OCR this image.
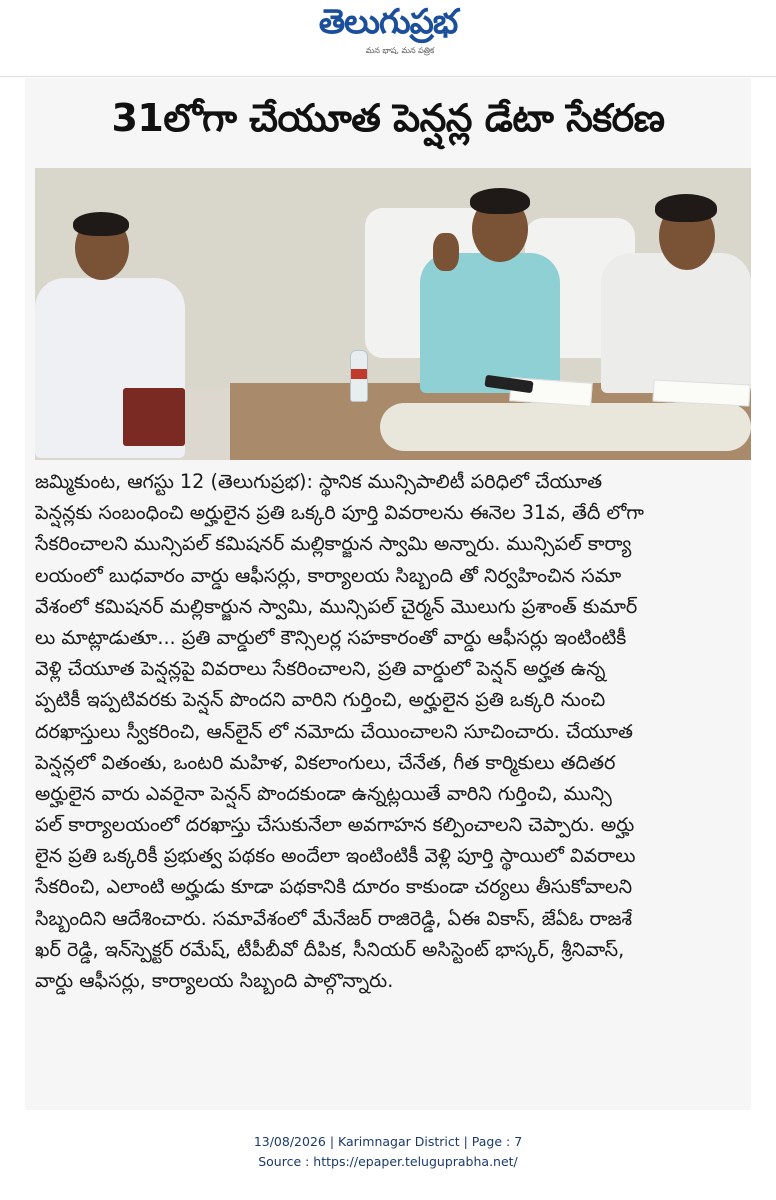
తెలుగుప్రభ
మన భాష, మన పత్రిక
31లోగా చేయూత పెన్షన్ల డేటా సేకరణ
జమ్మికుంట, ఆగస్టు 12 (తెలుగుప్రభ): స్థానిక మున్సిపాలిటీ పరిధిలో చేయూత
పెన్షన్లకు సంబంధించి అర్హులైన ప్రతి ఒక్కరి పూర్తి వివరాలను ఈనెల 31వ, తేదీ లోగా
సేకరించాలని మున్సిపల్ కమిషనర్ మల్లికార్జున స్వామి అన్నారు. మున్సిపల్ కార్యా
లయంలో బుధవారం వార్డు ఆఫీసర్లు, కార్యాలయ సిబ్బంది తో నిర్వహించిన సమా
వేశంలో కమిషనర్ మల్లికార్జున స్వామి, మున్సిపల్ చైర్మన్ మొలుగు ప్రశాంత్ కుమార్
లు మాట్లాడుతూ... ప్రతి వార్డులో కౌన్సిలర్ల సహకారంతో వార్డు ఆఫీసర్లు ఇంటింటికీ
వెళ్లి చేయూత పెన్షన్లపై వివరాలు సేకరించాలని, ప్రతి వార్డులో పెన్షన్ అర్హత ఉన్న
ప్పటికీ ఇప్పటివరకు పెన్షన్ పొందని వారిని గుర్తించి, అర్హులైన ప్రతి ఒక్కరి నుంచి
దరఖాస్తులు స్వీకరించి, ఆన్‌లైన్ లో నమోదు చేయించాలని సూచించారు. చేయూత
పెన్షన్లలో వితంతు, ఒంటరి మహిళ, వికలాంగులు, చేనేత, గీత కార్మికులు తదితర
అర్హులైన వారు ఎవరైనా పెన్షన్ పొందకుండా ఉన్నట్లయితే వారిని గుర్తించి, మున్సి
పల్ కార్యాలయంలో దరఖాస్తు చేసుకునేలా అవగాహన కల్పించాలని చెప్పారు. అర్హు
లైన ప్రతి ఒక్కరికీ ప్రభుత్వ పథకం అందేలా ఇంటింటికీ వెళ్లి పూర్తి స్థాయిలో వివరాలు
సేకరించి, ఎలాంటి అర్హుడు కూడా పథకానికి దూరం కాకుండా చర్యలు తీసుకోవాలని
సిబ్బందిని ఆదేశించారు. సమావేశంలో మేనేజర్ రాజిరెడ్డి, ఏఈ వికాస్, జేఏఓ రాజశే
ఖర్ రెడ్డి, ఇన్‌స్పెక్టర్ రమేష్, టీపీబీవో దీపిక, సీనియర్ అసిస్టెంట్ భాస్కర్, శ్రీనివాస్,
వార్డు ఆఫీసర్లు, కార్యాలయ సిబ్బంది పాల్గొన్నారు.
13/08/2026 | Karimnagar District | Page : 7
Source : https://epaper.teluguprabha.net/
